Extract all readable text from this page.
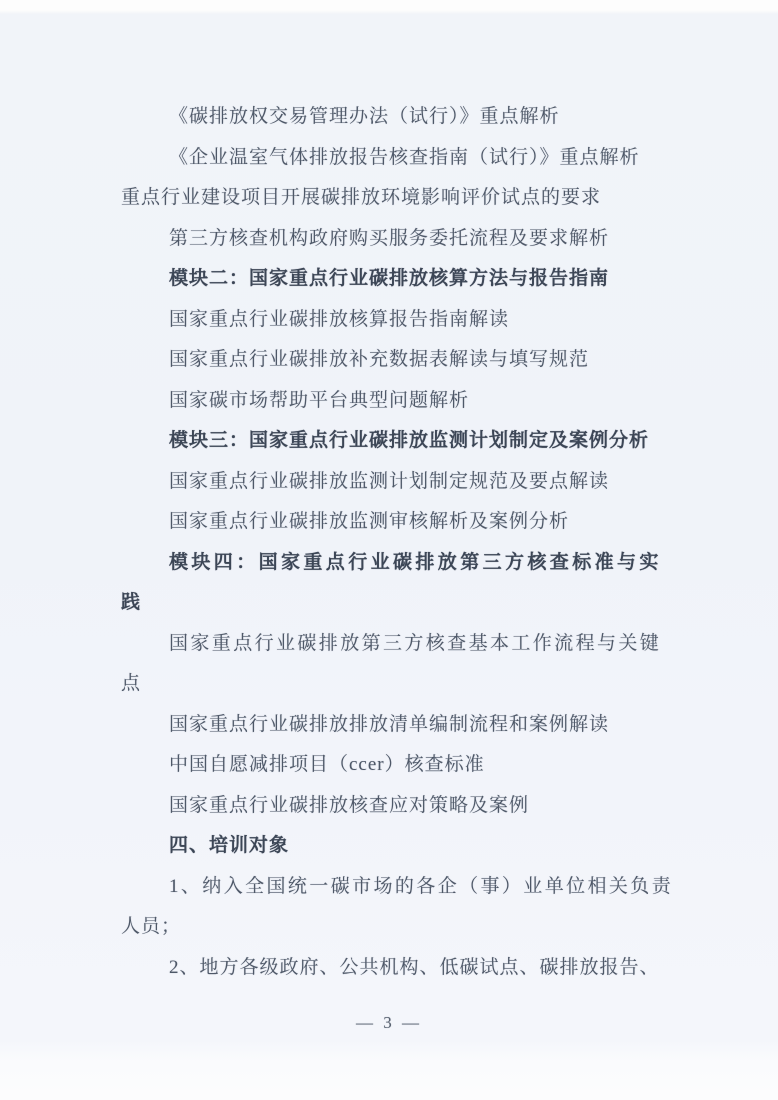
《碳排放权交易管理办法（试行）》重点解析
《企业温室气体排放报告核查指南（试行）》重点解析
重点行业建设项目开展碳排放环境影响评价试点的要求
第三方核查机构政府购买服务委托流程及要求解析
模块二：国家重点行业碳排放核算方法与报告指南
国家重点行业碳排放核算报告指南解读
国家重点行业碳排放补充数据表解读与填写规范
国家碳市场帮助平台典型问题解析
模块三：国家重点行业碳排放监测计划制定及案例分析
国家重点行业碳排放监测计划制定规范及要点解读
国家重点行业碳排放监测审核解析及案例分析
模块四：国家重点行业碳排放第三方核查标准与实
践
国家重点行业碳排放第三方核查基本工作流程与关键
点
国家重点行业碳排放排放清单编制流程和案例解读
中国自愿减排项目（ccer）核查标准
国家重点行业碳排放核查应对策略及案例
四、培训对象
1、纳入全国统一碳市场的各企（事）业单位相关负责
人员；
2、地方各级政府、公共机构、低碳试点、碳排放报告、
— 3 —
